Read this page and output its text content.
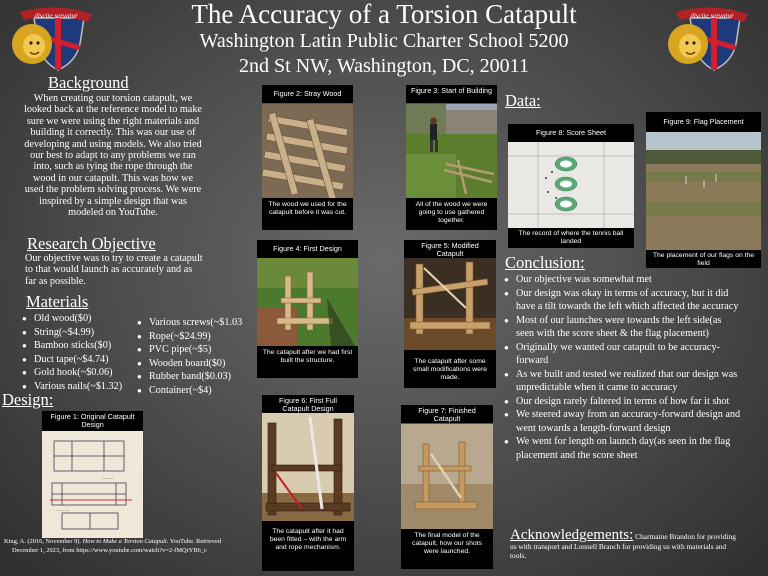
discite servatur	discite servatur
The Accuracy of a Torsion Catapult
Washington Latin Public Charter School 5200
2nd St NW, Washington, DC, 20011
Background
When creating our torsion catapult, we looked back at the reference model to make sure we were using the right materials and building it correctly. This was our use of developing and using models. We also tried our best to adapt to any problems we ran into, such as tying the rope through the wood in our catapult. This was how we used the problem solving process. We were inspired by a simple design that was modeled on YouTube.
Research Objective
Our objective was to try to create a catapult to that would launch as accurately and as far as possible.
Materials
● Old wood($0)
● String(~$4.99)
● Bamboo sticks($0)
● Duct tape(~$4.74)
● Gold hook(~$0.06)
● Various nails(~$1.32)
● Various screws(~$1.03
● Rope(~$24.99)
● PVC pipe(~$5)
● Wooden board($0)
● Rubber band($0.03)
● Container(~$4)
Design:
Figure 1: Original Catapult Design
—— —
— — —
King, A. (2016, November 9). How to Make a Torsion Catapult. YouTube. Retrieved
December 1, 2023, from https://www.youtube.com/watch?v=2-fMQrYB6_c
Figure 2: Stray Wood
The wood we used for the catapult before it was cut.
Figure 3: Start of Building
All of the wood we were going to use gathered together.
Figure 4: First Design
The catapult after we had first built the structure.
Figure 5: Modified Catapult
The catapult after some small modifications were made.
Figure 6: First Full Catapult Design
The catapult after it had been fitted – with the arm and rope mechanism.
Figure 7: Finished Catapult
The final model of the catapult, how our shots were launched.
Data:
Figure 8: Score Sheet
The record of where the tennis ball landed
Figure 9: Flag Placement
The placement of our flags on the field
Conclusion:
● Our objective was somewhat met
● Our design was okay in terms of accuracy, but it did have a tilt towards the left which affected the accuracy
● Most of our launches were towards the left side(as seen with the score sheet & the flag placement)
● Originally we wanted our catapult to be accuracy-forward
● As we built and tested we realized that our design was unpredictable when it came to accuracy
● Our design rarely faltered in terms of how far it shot
● We steered away from an accuracy-forward design and went towards a length-forward design
● We went for length on launch day(as seen in the flag placement and the score sheet
Acknowledgements: Charmaine Brandon for providing us with transport and Lonnell Branch for providing us with materials and tools.
